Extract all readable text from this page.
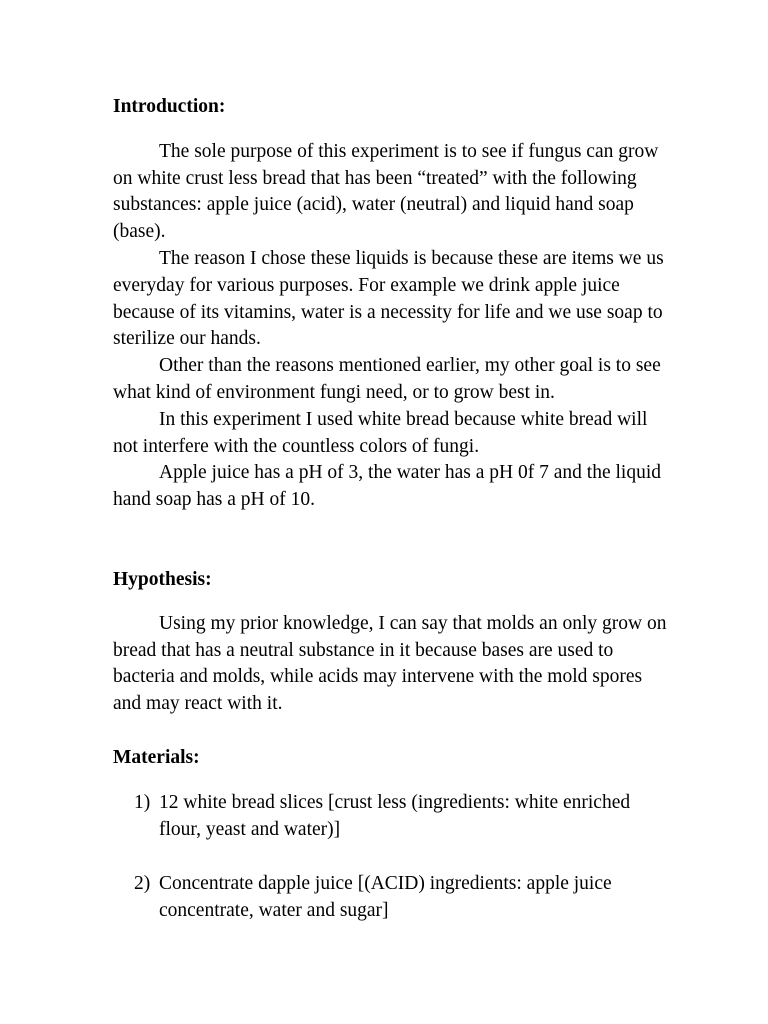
Introduction:

The sole purpose of this experiment is to see if fungus can grow on white crust less bread that has been “treated” with the following substances: apple juice (acid), water (neutral) and liquid hand soap (base).

The reason I chose these liquids is because these are items we us everyday for various purposes. For example we drink apple juice because of its vitamins, water is a necessity for life and we use soap to sterilize our hands.

Other than the reasons mentioned earlier, my other goal is to see what kind of environment fungi need, or to grow best in.

In this experiment I used white bread because white bread will not interfere with the countless colors of fungi.

Apple juice has a pH of 3, the water has a pH 0f 7 and the liquid hand soap has a pH of 10.

Hypothesis:

Using my prior knowledge, I can say that molds an only grow on bread that has a neutral substance in it because bases are used to bacteria and molds, while acids may intervene with the mold spores and may react with it.

Materials:

1) 12 white bread slices [crust less (ingredients: white enriched flour, yeast and water)]
2) Concentrate dapple juice [(ACID) ingredients: apple juice concentrate, water and sugar]
